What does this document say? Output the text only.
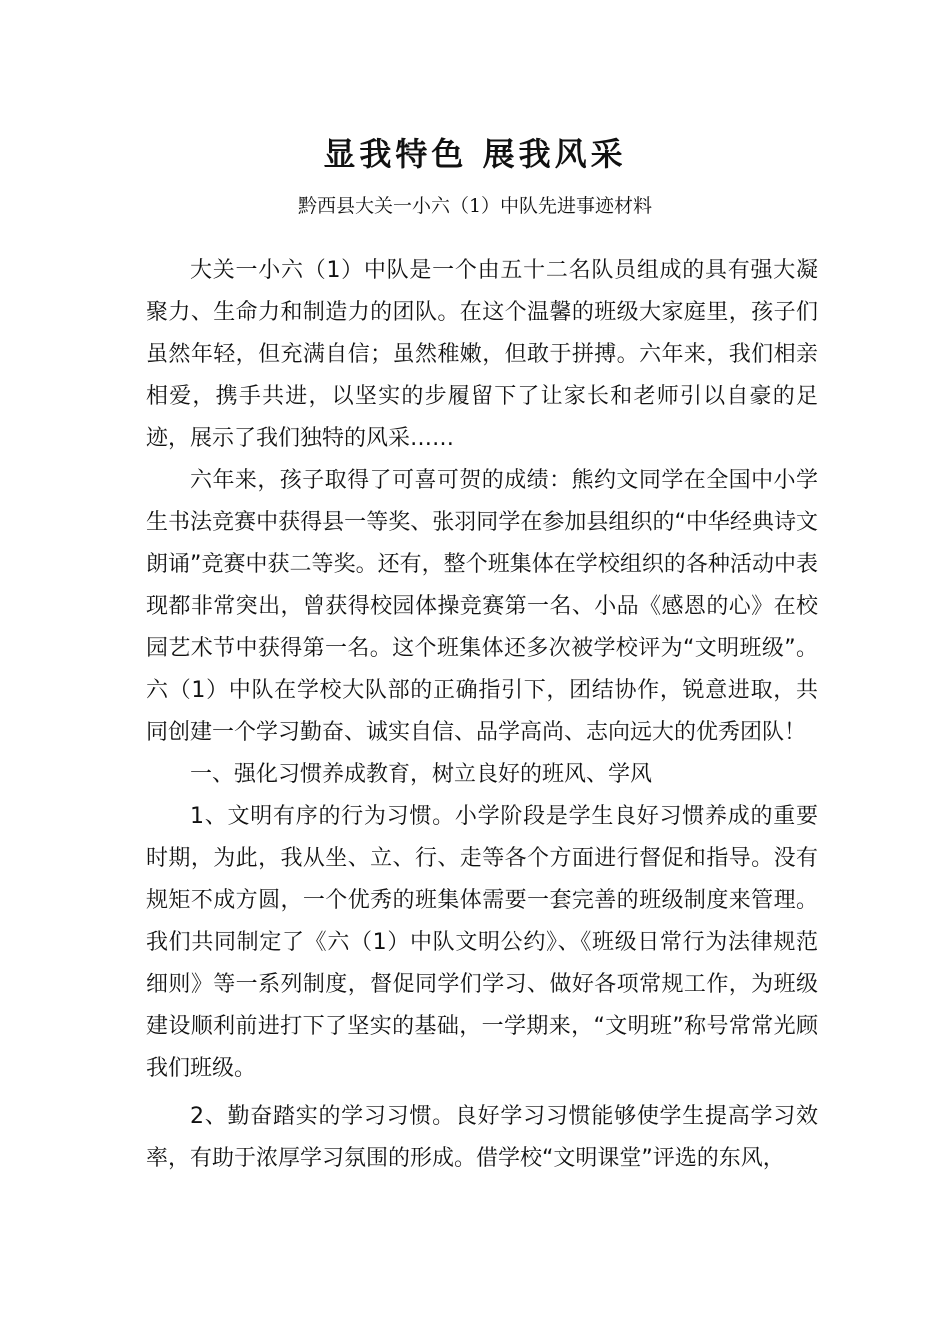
显我特色 展我风采
黔西县大关一小六（1）中队先进事迹材料

大关一小六（1）中队是一个由五十二名队员组成的具有强大凝聚力、生命力和制造力的团队。在这个温馨的班级大家庭里，孩子们虽然年轻，但充满自信；虽然稚嫩，但敢于拼搏。六年来，我们相亲相爱，携手共进，以坚实的步履留下了让家长和老师引以自豪的足迹，展示了我们独特的风采……

六年来，孩子取得了可喜可贺的成绩：熊约文同学在全国中小学生书法竞赛中获得县一等奖、张羽同学在参加县组织的“中华经典诗文朗诵”竞赛中获二等奖。还有，整个班集体在学校组织的各种活动中表现都非常突出，曾获得校园体操竞赛第一名、小品《感恩的心》在校园艺术节中获得第一名。这个班集体还多次被学校评为“文明班级”。 六（1）中队在学校大队部的正确指引下，团结协作，锐意进取，共同创建一个学习勤奋、诚实自信、品学高尚、志向远大的优秀团队！

一、强化习惯养成教育，树立良好的班风、学风

1、文明有序的行为习惯。小学阶段是学生良好习惯养成的重要时期，为此，我从坐、立、行、走等各个方面进行督促和指导。没有规矩不成方圆，一个优秀的班集体需要一套完善的班级制度来管理。我们共同制定了《六（1）中队文明公约》、《班级日常行为法律规范细则》等一系列制度，督促同学们学习、做好各项常规工作，为班级建设顺利前进打下了坚实的基础，一学期来，“文明班”称号常常光顾我们班级。

2、勤奋踏实的学习习惯。良好学习习惯能够使学生提高学习效率，有助于浓厚学习氛围的形成。借学校“文明课堂”评选的东风，
